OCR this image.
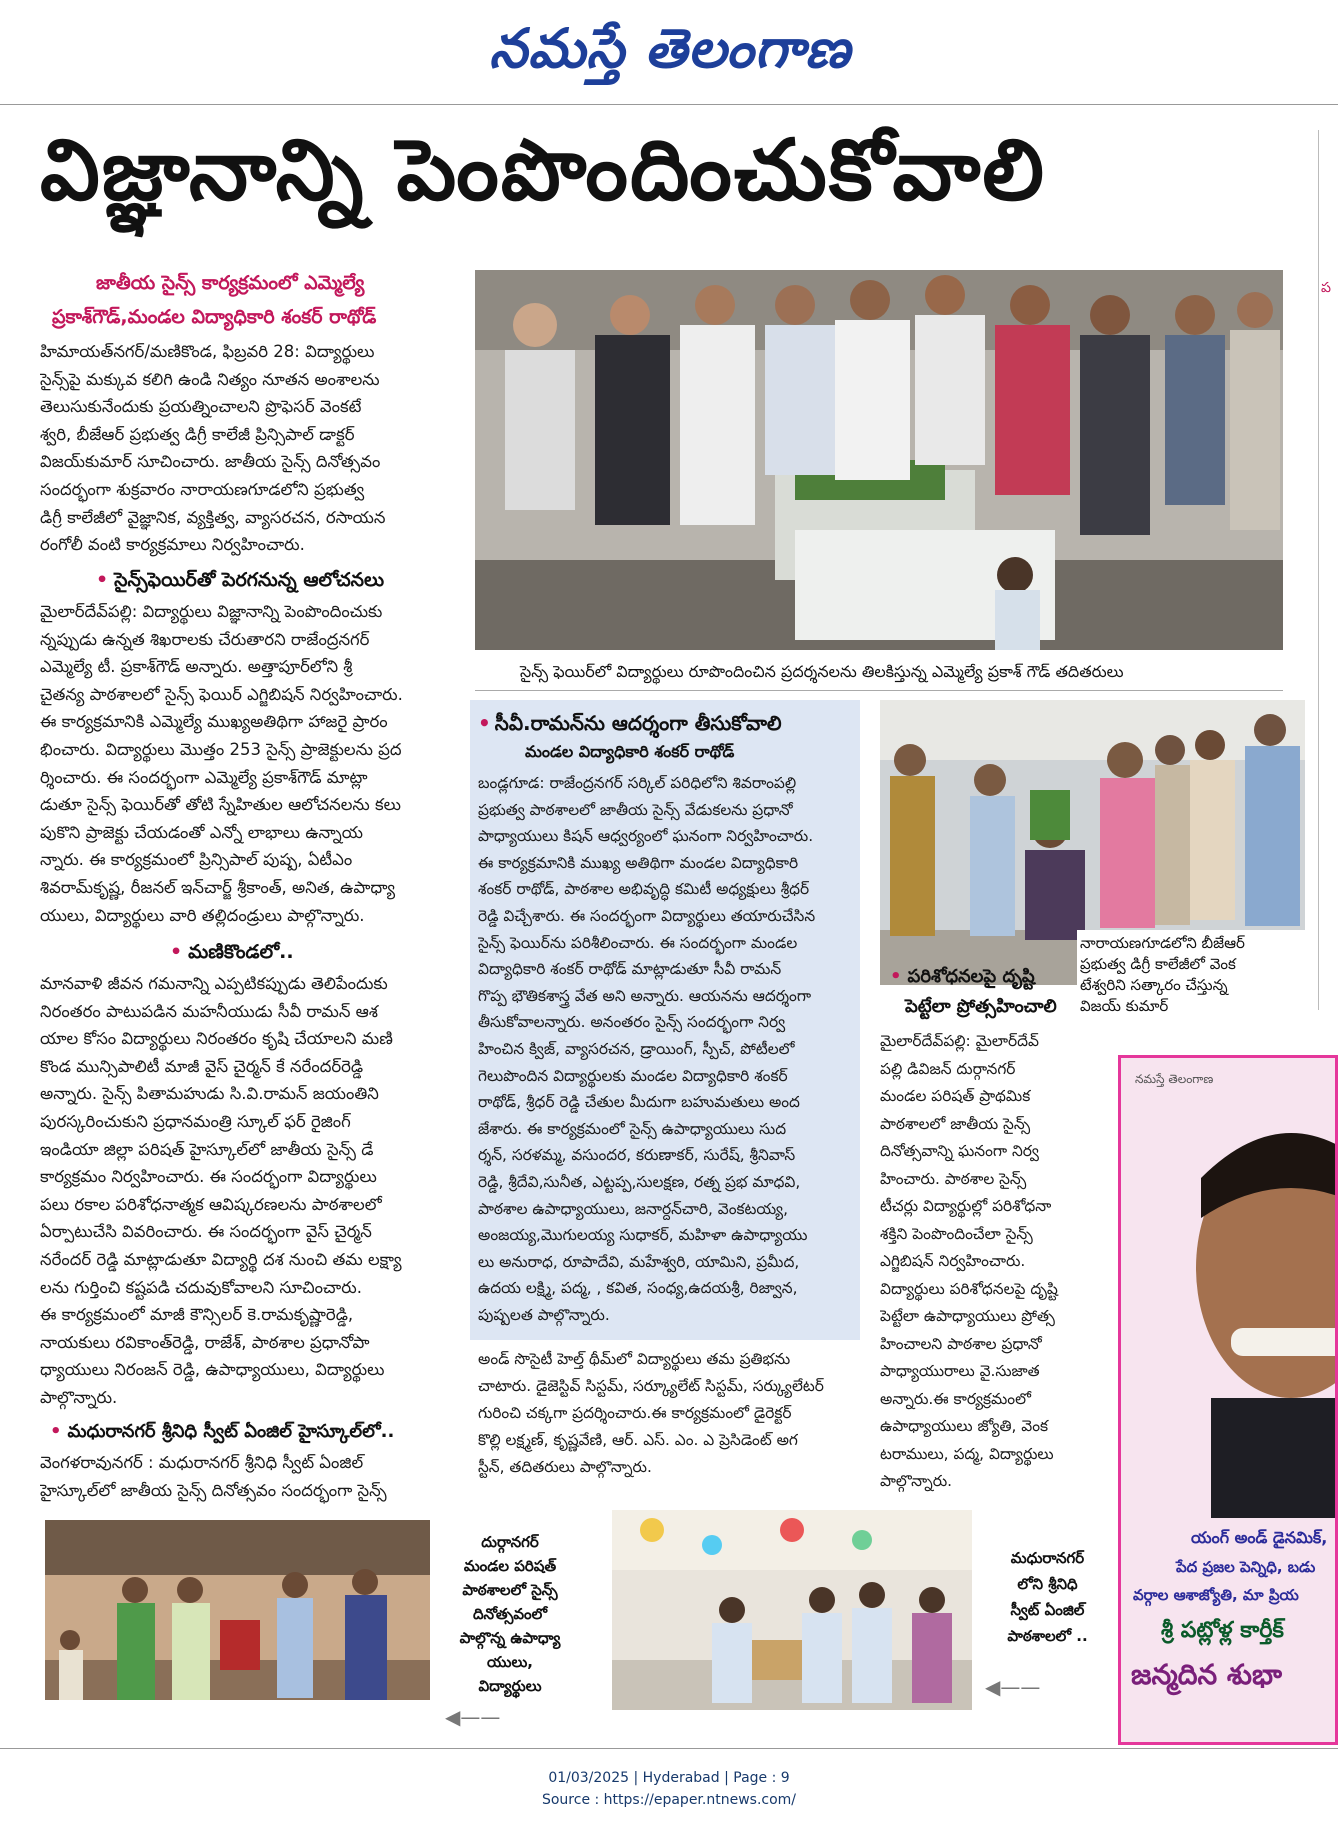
నమస్తే తెలంగాణ
విజ్ఞానాన్ని పెంపొందించుకోవాలి
ప
జాతీయ సైన్స్ కార్యక్రమంలో ఎమ్మెల్యే
ప్రకాశ్‌గౌడ్,మండల విద్యాధికారి శంకర్ రాథోడ్

హిమాయత్‌నగర్/మణికొండ, ఫిబ్రవరి 28: విద్యార్థులు

సైన్స్‌పై మక్కువ కలిగి ఉండి నిత్యం నూతన అంశాలను

తెలుసుకునేందుకు ప్రయత్నించాలని ప్రొఫెసర్ వెంకటే

శ్వరి, బీజేఆర్ ప్రభుత్వ డిగ్రీ కాలేజీ ప్రిన్సిపాల్ డాక్టర్

విజయ్‌కుమార్ సూచించారు. జాతీయ సైన్స్ దినోత్సవం

సందర్భంగా శుక్రవారం నారాయణగూడలోని ప్రభుత్వ

డిగ్రీ కాలేజీలో వైజ్ఞానిక, వ్యక్తిత్వ, వ్యాసరచన, రసాయన

రంగోలీ వంటి కార్యక్రమాలు నిర్వహించారు.

• సైన్స్‌ఫెయిర్‌తో పెరగనున్న ఆలోచనలు

మైలార్‌దేవ్‌పల్లి: విద్యార్థులు విజ్ఞానాన్ని పెంపొందించుకు

న్నప్పుడు ఉన్నత శిఖరాలకు చేరుతారని రాజేంద్రనగర్

ఎమ్మెల్యే టీ. ప్రకాశ్‌గౌడ్ అన్నారు. అత్తాపూర్‌లోని శ్రీ

చైతన్య పాఠశాలలో సైన్స్ ఫెయిర్ ఎగ్జిబిషన్ నిర్వహించారు.

ఈ కార్యక్రమానికి ఎమ్మెల్యే ముఖ్యఅతిథిగా హాజరై ప్రారం

భించారు. విద్యార్థులు మొత్తం 253 సైన్స్ ప్రాజెక్టులను ప్రద

ర్శించారు. ఈ సందర్భంగా ఎమ్మెల్యే ప్రకాశ్‌గౌడ్ మాట్లా

డుతూ సైన్స్ ఫెయిర్‌తో తోటి స్నేహితుల ఆలోచనలను కలు

పుకొని ప్రాజెక్టు చేయడంతో ఎన్నో లాభాలు ఉన్నాయ

న్నారు. ఈ కార్యక్రమంలో ప్రిన్సిపాల్ పుష్ప, ఏటీఎం

శివరామ్‌కృష్ణ, రీజనల్ ఇన్‌చార్జ్ శ్రీకాంత్, అనిత, ఉపాధ్యా

యులు, విద్యార్థులు వారి తల్లిదండ్రులు పాల్గొన్నారు.

• మణికొండలో..

మానవాళి జీవన గమనాన్ని ఎప్పటికప్పుడు తెలిపేందుకు

నిరంతరం పాటుపడిన మహనీయుడు సీవీ రామన్ ఆశ

యాల కోసం విద్యార్థులు నిరంతరం కృషి చేయాలని మణి

కొండ మున్సిపాలిటీ మాజీ వైస్ చైర్మన్ కే నరేందర్‌రెడ్డి

అన్నారు. సైన్స్ పితామహుడు సి.వి.రామన్ జయంతిని

పురస్కరించుకుని ప్రధానమంత్రి స్కూల్ ఫర్ రైజింగ్

ఇండియా జిల్లా పరిషత్ హైస్కూల్‌లో జాతీయ సైన్స్ డే

కార్యక్రమం నిర్వహించారు. ఈ సందర్భంగా విద్యార్థులు

పలు రకాల పరిశోధనాత్మక ఆవిష్కరణలను పాఠశాలలో

ఏర్పాటుచేసి వివరించారు. ఈ సందర్భంగా వైస్ చైర్మన్

నరేందర్ రెడ్డి మాట్లాడుతూ విద్యార్థి దశ నుంచి తమ లక్ష్యా

లను గుర్తించి కష్టపడి చదువుకోవాలని సూచించారు.

ఈ కార్యక్రమంలో మాజీ కౌన్సిలర్ కె.రామకృష్ణారెడ్డి,

నాయకులు రవికాంత్‌రెడ్డి, రాజేశ్, పాఠశాల ప్రధానోపా

ధ్యాయులు నిరంజన్ రెడ్డి, ఉపాధ్యాయులు, విద్యార్థులు

పాల్గొన్నారు.

• మధురానగర్ శ్రీనిధి స్వీట్ ఏంజిల్ హైస్కూల్‌లో..

వెంగళరావునగర్ : మధురానగర్ శ్రీనిధి స్వీట్ ఏంజిల్

హైస్కూల్‌లో జాతీయ సైన్స్ దినోత్సవం సందర్భంగా సైన్స్

సైన్స్ ఫెయిర్‌లో విద్యార్థులు రూపొందించిన ప్రదర్శనలను తిలకిస్తున్న ఎమ్మెల్యే ప్రకాశ్ గౌడ్ తదితరులు
• సీవీ.రామన్‌ను ఆదర్శంగా తీసుకోవాలి
మండల విద్యాధికారి శంకర్ రాథోడ్

బండ్లగూడ: రాజేంద్రనగర్ సర్కిల్ పరిధిలోని శివరాంపల్లి

ప్రభుత్వ పాఠశాలలో జాతీయ సైన్స్ వేడుకలను ప్రధానో

పాధ్యాయులు కిషన్ ఆధ్వర్యంలో ఘనంగా నిర్వహించారు.

ఈ కార్యక్రమానికి ముఖ్య అతిథిగా మండల విద్యాధికారి

శంకర్ రాథోడ్, పాఠశాల అభివృద్ధి కమిటీ అధ్యక్షులు శ్రీధర్

రెడ్డి విచ్చేశారు. ఈ సందర్భంగా విద్యార్థులు తయారుచేసిన

సైన్స్ ఫెయిర్‌ను పరిశీలించారు. ఈ సందర్భంగా మండల

విద్యాధికారి శంకర్ రాథోడ్ మాట్లాడుతూ సీవీ రామన్

గొప్ప భౌతికశాస్త్ర వేత అని అన్నారు. ఆయనను ఆదర్శంగా

తీసుకోవాలన్నారు. అనంతరం సైన్స్ సందర్భంగా నిర్వ

హించిన క్విజ్, వ్యాసరచన, డ్రాయింగ్, స్పీచ్, పోటీలలో

గెలుపొందిన విద్యార్థులకు మండల విద్యాధికారి శంకర్

రాథోడ్, శ్రీధర్ రెడ్డి చేతుల మీదుగా బహుమతులు అంద

జేశారు. ఈ కార్యక్రమంలో సైన్స్ ఉపాధ్యాయులు సుద

ర్శన్, సరళమ్మ, వసుందర, కరుణాకర్, సురేష్, శ్రీనివాస్

రెడ్డి, శ్రీదేవి,సునీత, ఎట్టప్ప,సులక్షణ, రత్న ప్రభ మాధవి,

పాఠశాల ఉపాధ్యాయులు, జనార్దన్‌చారి, వెంకటయ్య,

అంజయ్య,మొగులయ్య సుధాకర్, మహిళా ఉపాధ్యాయు

లు అనురాధ, రూపాదేవి, మహేశ్వరి, యామిని, ప్రమీద,

ఉదయ లక్ష్మి, పద్మ, , కవిత, సంధ్య,ఉదయశ్రీ, రిజ్వాన,

పుష్పలత పాల్గొన్నారు.

అండ్ సొసైటీ హెల్త్ థీమ్‌లో విద్యార్థులు తమ ప్రతిభను

చాటారు. డైజెస్టివ్ సిస్టమ్, సర్క్యూలేట్ సిస్టమ్, సర్క్యులేటర్

గురించి చక్కగా ప్రదర్శించారు.ఈ కార్యక్రమంలో డైరెక్టర్

కొల్లి లక్ష్మణ్, కృష్ణవేణి, ఆర్. ఎస్. ఎం. ఎ ప్రెసిడెంట్ అగ

స్టీన్, తదితరులు పాల్గొన్నారు.

నారాయణగూడలోని బీజేఆర్

ప్రభుత్వ డిగ్రీ కాలేజీలో వెంక

టేశ్వరిని సత్కారం చేస్తున్న

విజయ్ కుమార్

• పరిశోధనలపై దృష్టి
పెట్టేలా ప్రోత్సహించాలి

మైలార్‌దేవ్‌పల్లి: మైలార్‌దేవ్

పల్లి డివిజన్ దుర్గానగర్

మండల పరిషత్ ప్రాథమిక

పాఠశాలలో జాతీయ సైన్స్

దినోత్సవాన్ని ఘనంగా నిర్వ

హించారు. పాఠశాల సైన్స్

టీచర్లు విద్యార్థుల్లో పరిశోధనా

శక్తిని పెంపొందించేలా సైన్స్

ఎగ్జిబిషన్ నిర్వహించారు.

విద్యార్థులు పరిశోధనలపై దృష్టి

పెట్టేలా ఉపాధ్యాయులు ప్రోత్స

హించాలని పాఠశాల ప్రధానో

పాధ్యాయురాలు వై.సుజాత

అన్నారు.ఈ కార్యక్రమంలో

ఉపాధ్యాయులు జ్యోతి, వెంక

టరాములు, పద్మ, విద్యార్థులు

పాల్గొన్నారు.

నమస్తే తెలంగాణ
యంగ్ అండ్ డైనమిక్,
పేద ప్రజల పెన్నిధి, బడు
వర్గాల ఆశాజ్యోతి, మా ప్రియ
శ్రీ పట్లోళ్ల కార్తీక్
జన్మదిన శుభా

దుర్గానగర్

మండల పరిషత్

పాఠశాలలో సైన్స్

దినోత్సవంలో

పాల్గొన్న ఉపాధ్యా

యులు,

విద్యార్థులు

◀——

మధురానగర్

లోని శ్రీనిధి

స్వీట్ ఏంజిల్

పాఠశాలలో ..

◀——
01/03/2025 | Hyderabad | Page : 9
Source : https://epaper.ntnews.com/
